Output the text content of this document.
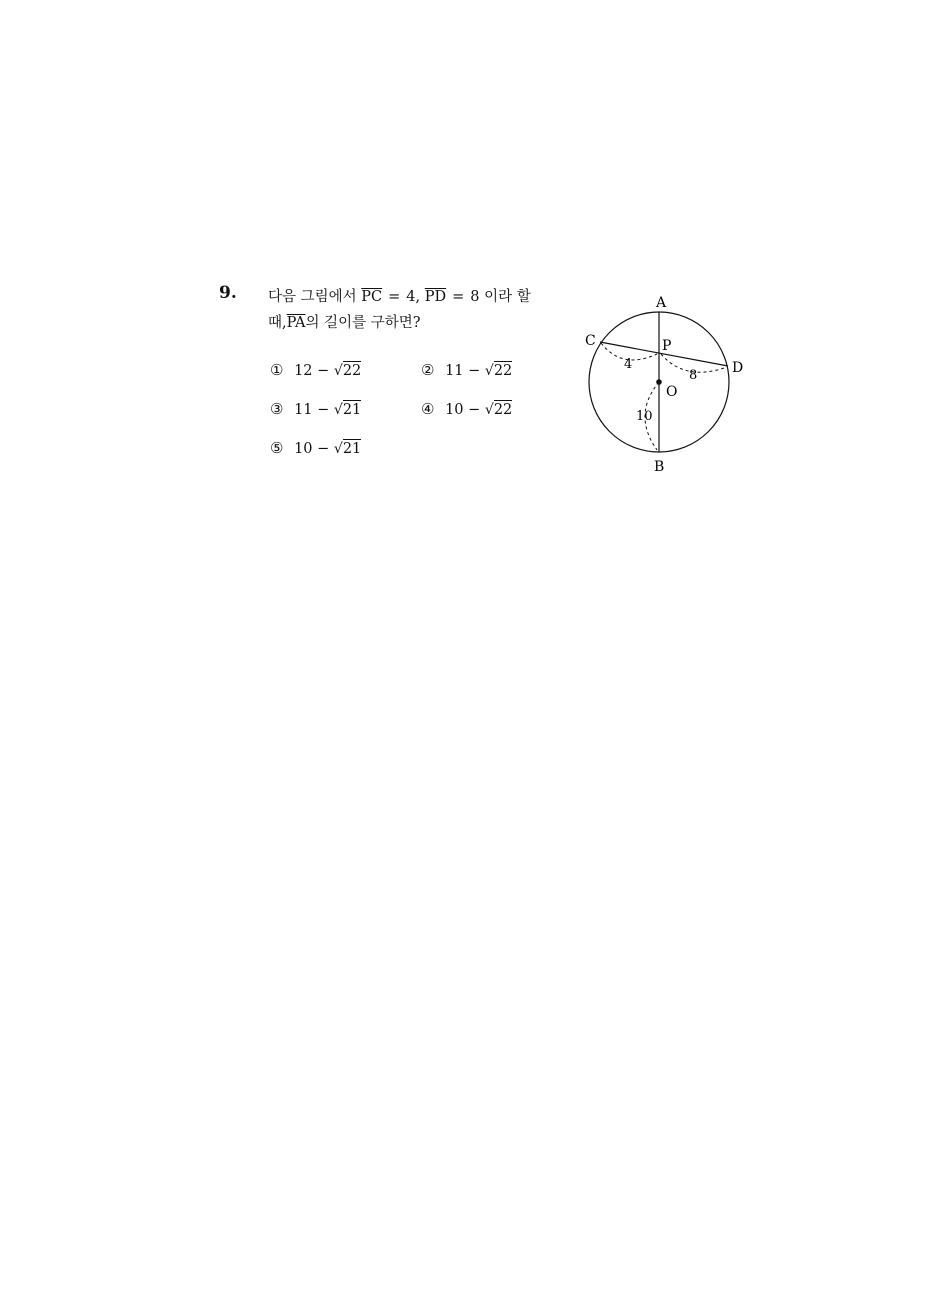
9. 다음 그림에서 $\overline{PC} = 4$, $\overline{PD} = 8$ 이라 할
때$,\overline{PA}$의 길이를 구하면?
① 12 − √22	② 11 − √22
③ 11 − √21	④ 10 − √22
⑤ 10 − √21
A
B
C
D
P
O
4
8
10
